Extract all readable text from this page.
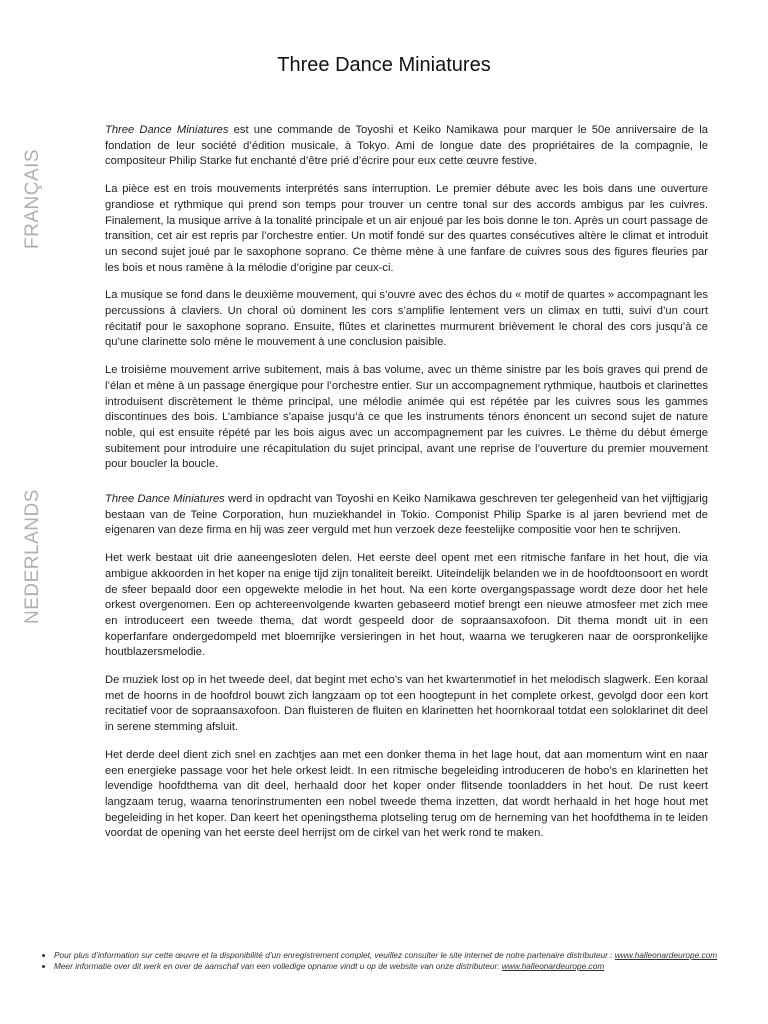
Three Dance Miniatures
FRANÇAIS

Three Dance Miniatures est une commande de Toyoshi et Keiko Namikawa pour marquer le 50e anniversaire de la fondation de leur société d’édition musicale, à Tokyo. Ami de longue date des propriétaires de la compagnie, le compositeur Philip Starke fut enchanté d’être prié d’écrire pour eux cette œuvre festive.

La pièce est en trois mouvements interprétés sans interruption. Le premier débute avec les bois dans une ouverture grandiose et rythmique qui prend son temps pour trouver un centre tonal sur des accords ambigus par les cuivres. Finalement, la musique arrive à la tonalité principale et un air enjoué par les bois donne le ton. Après un court passage de transition, cet air est repris par l’orchestre entier. Un motif fondé sur des quartes consécutives altère le climat et introduit un second sujet joué par le saxophone soprano. Ce thème mène à une fanfare de cuivres sous des figures fleuries par les bois et nous ramène à la mélodie d’origine par ceux-ci.

La musique se fond dans le deuxième mouvement, qui s’ouvre avec des échos du « motif de quartes » accompagnant les percussions à claviers. Un choral où dominent les cors s’amplifie lentement vers un climax en tutti, suivi d’un court récitatif pour le saxophone soprano. Ensuite, flûtes et clarinettes murmurent brièvement le choral des cors jusqu’à ce qu’une clarinette solo mène le mouvement à une conclusion paisible.

Le troisième mouvement arrive subitement, mais à bas volume, avec un thème sinistre par les bois graves qui prend de l’élan et mène à un passage énergique pour l’orchestre entier. Sur un accompagnement rythmique, hautbois et clarinettes introduisent discrètement le thème principal, une mélodie animée qui est répétée par les cuivres sous les gammes discontinues des bois. L’ambiance s’apaise jusqu’à ce que les instruments ténors énoncent un second sujet de nature noble, qui est ensuite répété par les bois aigus avec un accompagnement par les cuivres. Le thème du début émerge subitement pour introduire une récapitulation du sujet principal, avant une reprise de l’ouverture du premier mouvement pour boucler la boucle.

NEDERLANDS	Three Dance Miniatures werd in opdracht van Toyoshi en Keiko Namikawa geschreven ter gelegenheid van het vijftigjarig bestaan van de Teine Corporation, hun muziekhandel in Tokio. Componist Philip Sparke is al jaren bevriend met de eigenaren van deze firma en hij was zeer verguld met hun verzoek deze feestelijke compositie voor hen te schrijven.

Het werk bestaat uit drie aaneengesloten delen. Het eerste deel opent met een ritmische fanfare in het hout, die via ambigue akkoorden in het koper na enige tijd zijn tonaliteit bereikt. Uiteindelijk belanden we in de hoofdtoonsoort en wordt de sfeer bepaald door een opgewekte melodie in het hout. Na een korte overgangspassage wordt deze door het hele orkest overgenomen. Een op achtereenvolgende kwarten gebaseerd motief brengt een nieuwe atmosfeer met zich mee en introduceert een tweede thema, dat wordt gespeeld door de sopraansaxofoon. Dit thema mondt uit in een koperfanfare ondergedompeld met bloemrijke versieringen in het hout, waarna we terugkeren naar de oorspronkelijke houtblazersmelodie.

De muziek lost op in het tweede deel, dat begint met echo’s van het kwartenmotief in het melodisch slagwerk. Een koraal met de hoorns in de hoofdrol bouwt zich langzaam op tot een hoogtepunt in het complete orkest, gevolgd door een kort recitatief voor de sopraansaxofoon. Dan fluisteren de fluiten en klarinetten het hoornkoraal totdat een soloklarinet dit deel in serene stemming afsluit.

Het derde deel dient zich snel en zachtjes aan met een donker thema in het lage hout, dat aan momentum wint en naar een energieke passage voor het hele orkest leidt. In een ritmische begeleiding introduceren de hobo’s en klarinetten het levendige hoofdthema van dit deel, herhaald door het koper onder flitsende toonladders in het hout. De rust keert langzaam terug, waarna tenorinstrumenten een nobel tweede thema inzetten, dat wordt herhaald in het hoge hout met begeleiding in het koper. Dan keert het openingsthema plotseling terug om de herneming van het hoofdthema in te leiden voordat de opening van het eerste deel herrijst om de cirkel van het werk rond te maken.

• Pour plus d’information sur cette œuvre et la disponibilité d’un enregistrement complet, veuillez consulter le site internet de notre partenaire distributeur : www.halleonardeurope.com
• Meer informatie over dit werk en over de aanschaf van een volledige opname vindt u op de website van onze distributeur: www.halleonardeurope.com
